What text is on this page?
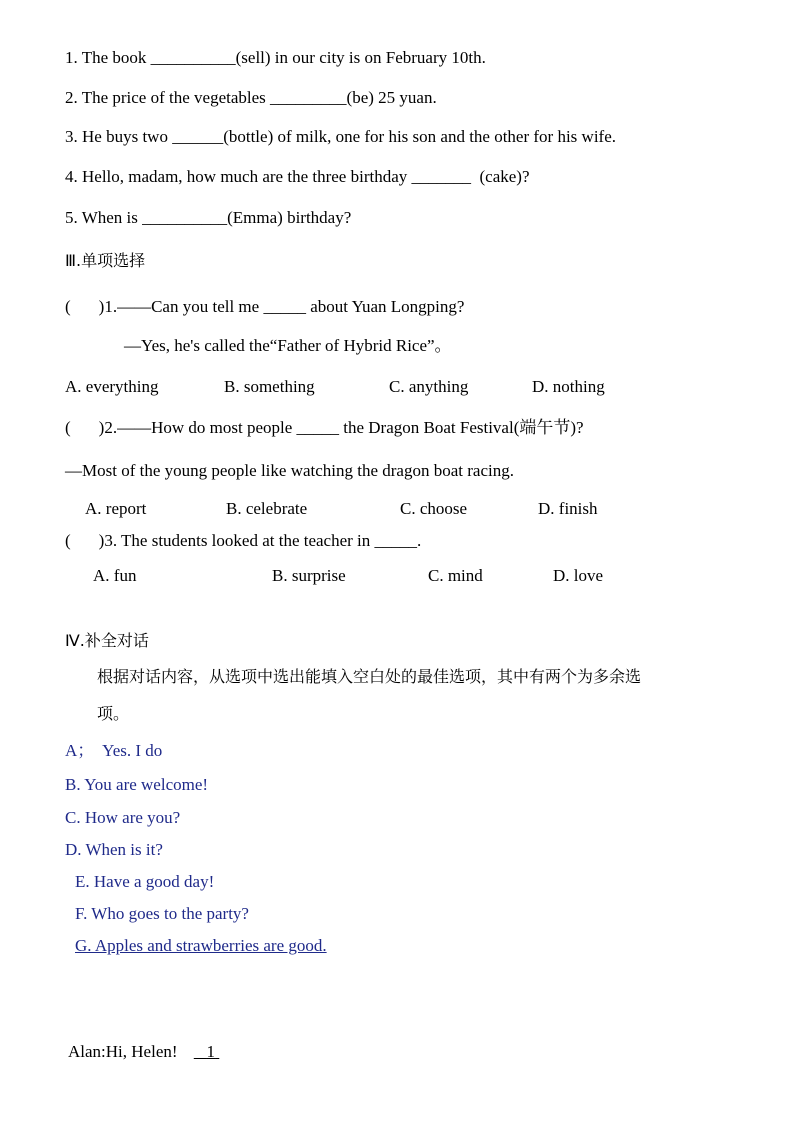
1. The book __________(sell) in our city is on February 10th.
2. The price of the vegetables _________(be) 25 yuan.
3. He buys two ______(bottle) of milk, one for his son and the other for his wife.
4. Hello, madam, how much are the three birthday _______  (cake)?
5. When is __________(Emma) birthday?
Ⅲ.单项选择
( )1.——Can you tell me _____ about Yuan Longping?
—Yes, he's called the“Father of Hybrid Rice”。
A. everything	B. something	C. anything	D. nothing
( )2.——How do most people _____ the Dragon Boat Festival(端午节)?
—Most of the young people like watching the dragon boat racing.
A. report	B. celebrate	C. choose	D. finish
( )3. The students looked at the teacher in _____.
A. fun	B. surprise	C. mind	D. love
Ⅳ.补全对话
根据对话内容，从选项中选出能填入空白处的最佳选项，其中有两个为多余选
项。
A；  Yes. I do
B. You are welcome!
C. How are you?
D. When is it?
E. Have a good day!
F. Who goes to the party?
G. Apples and strawberries are good.
Alan:Hi, Helen!    1
